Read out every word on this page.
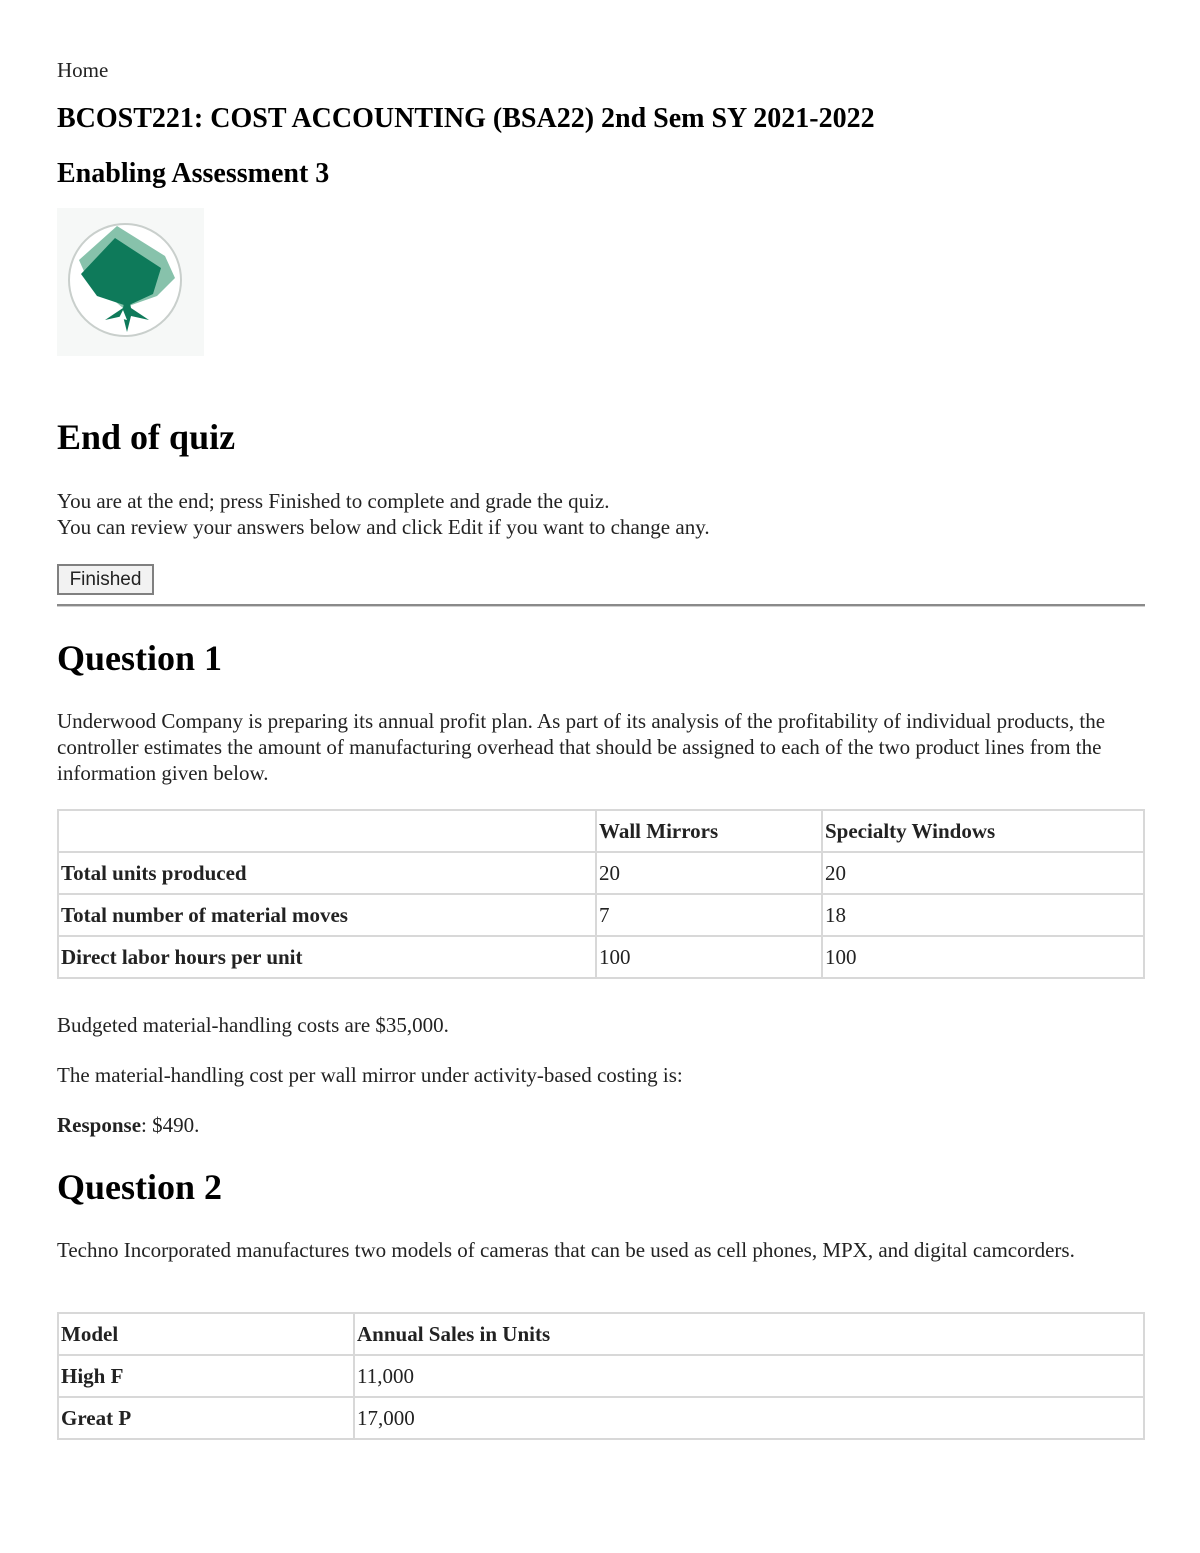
Home
BCOST221: COST ACCOUNTING (BSA22) 2nd Sem SY 2021-2022
Enabling Assessment 3
End of quiz
You are at the end; press Finished to complete and grade the quiz.
You can review your answers below and click Edit if you want to change any.
Finished
Question 1

Underwood Company is preparing its annual profit plan. As part of its analysis of the profitability of individual products, the controller estimates the amount of manufacturing overhead that should be assigned to each of the two product lines from the information given below.

	Wall Mirrors	Specialty Windows
Total units produced	20	20
Total number of material moves	7	18
Direct labor hours per unit	100	100

Budgeted material-handling costs are $35,000.

The material-handling cost per wall mirror under activity-based costing is:

Response: $490.

Question 2

Techno Incorporated manufactures two models of cameras that can be used as cell phones, MPX, and digital camcorders.

Model	Annual Sales in Units
High F	11,000
Great P	17,000
